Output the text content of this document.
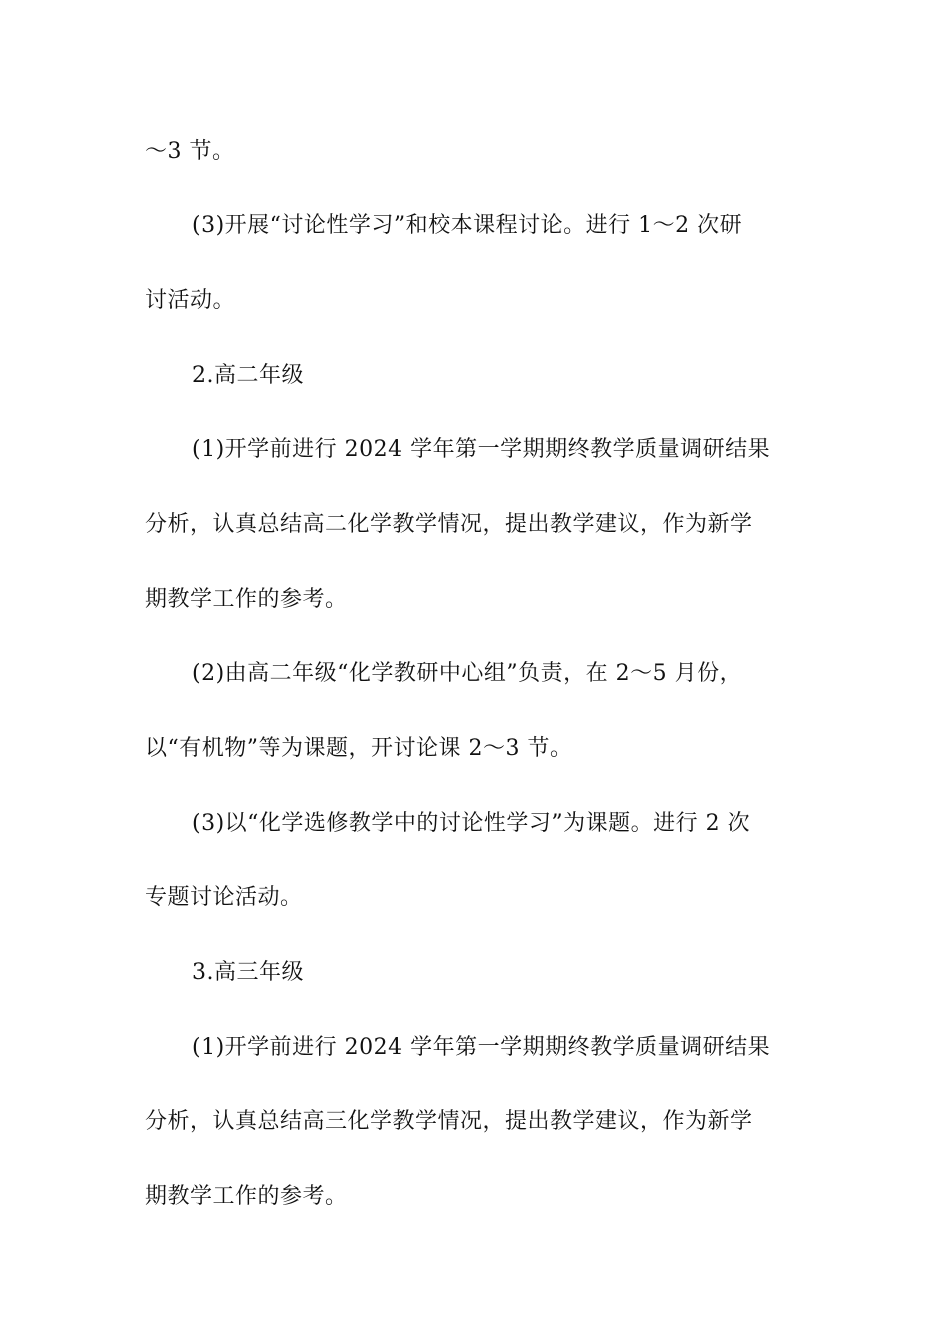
～3 节。
(3)开展“讨论性学习”和校本课程讨论。进行 1～2 次研
讨活动。
2.高二年级
(1)开学前进行 2024 学年第一学期期终教学质量调研结果
分析，认真总结高二化学教学情况，提出教学建议，作为新学
期教学工作的参考。
(2)由高二年级“化学教研中心组”负责，在 2～5 月份，
以“有机物”等为课题，开讨论课 2～3 节。
(3)以“化学选修教学中的讨论性学习”为课题。进行 2 次
专题讨论活动。
3.高三年级
(1)开学前进行 2024 学年第一学期期终教学质量调研结果
分析，认真总结高三化学教学情况，提出教学建议，作为新学
期教学工作的参考。
